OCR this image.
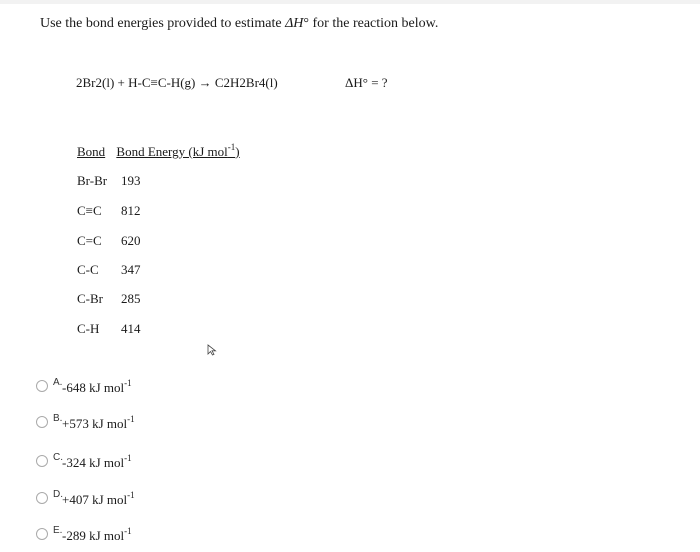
Use the bond energies provided to estimate ΔH° for the reaction below.
2Br2(l) + H-C≡C-H(g) → C2H2Br4(l)	ΔH° = ?
Bond Bond Energy (kJ mol$^{-1}$)
Br-Br 193
C≡C 812
C=C 620
C-C 347
C-Br 285
C-H 414
A. -648 kJ mol$^{-1}$
B. +573 kJ mol$^{-1}$
C. -324 kJ mol$^{-1}$
D. +407 kJ mol$^{-1}$
E. -289 kJ mol$^{-1}$
